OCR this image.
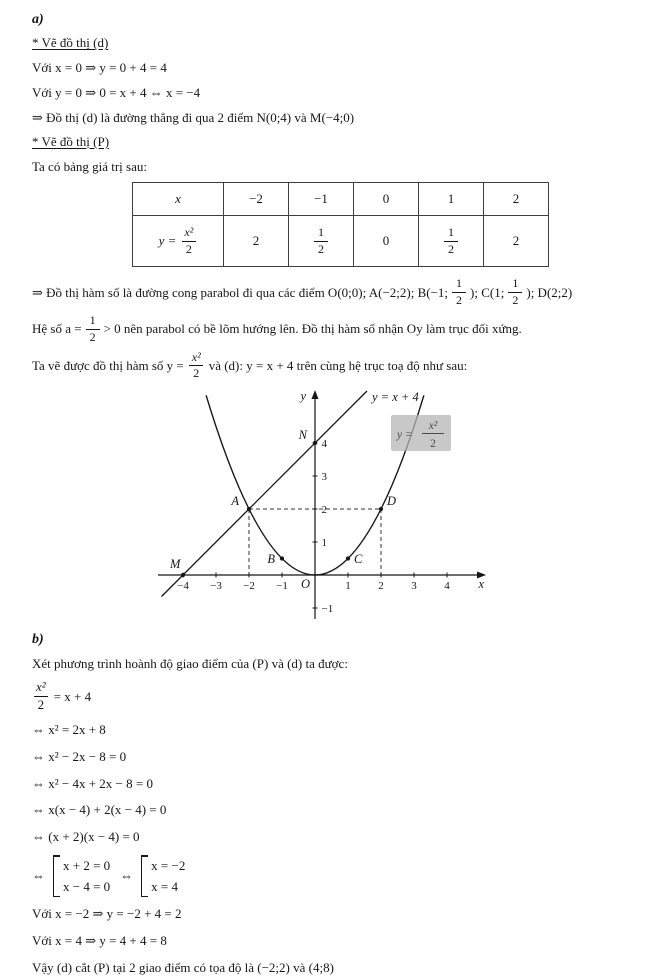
a)
* Vẽ đồ thị (d)
Với x = 0 ⇒ y = 0 + 4 = 4
Với y = 0 ⇒ 0 = x + 4 ⇔ x = −4
⇒ Đồ thị (d) là đường thẳng đi qua 2 điểm N(0;4) và M(−4;0)
* Vẽ đồ thị (P)
Ta có bảng giá trị sau:
x	−2	−1	0	1	2

$y = \frac{\text{x²}}{2}$	2	$\frac{1}{2}$	0	$\frac{1}{2}$	2
⇒ Đồ thị hàm số là đường cong parabol đi qua các điểm O(0;0); A(−2;2); B(−1; $\frac{1}{2}$ ); C(1; $\frac{1}{2}$ ); D(2;2)
Hệ số $a = \frac{1}{2} > 0$ nên parabol có bề lõm hướng lên. Đồ thị hàm số nhận Oy làm trục đối xứng.
Ta vẽ được đồ thị hàm số $y = \frac{\text{x²}}{2}$ và (d): y = x + 4 trên cùng hệ trục toạ độ như sau:
−4 −3 −2 −1	1	2	3	4
1
2
3
4
−1
x
y
A
B	C
D
M
N
O
y = x + 4
y =
x²
2
b)
Xét phương trình hoành độ giao điểm của (P) và (d) ta được:
$\frac{\text{x²}}{2} = x + 4$
⇔ x² = 2x + 8
⇔ x² − 2x − 8 = 0
⇔ x² − 4x + 2x − 8 = 0
⇔ x(x − 4) + 2(x − 4) = 0
⇔ (x + 2)(x − 4) = 0
⇔
x + 2 = 0
x − 4 = 0
⇔
x = −2
x = 4
Với x = −2 ⇒ y = −2 + 4 = 2
Với x = 4 ⇒ y = 4 + 4 = 8
Vậy (d) cắt (P) tại 2 giao điểm có tọa độ là (−2;2) và (4;8)
